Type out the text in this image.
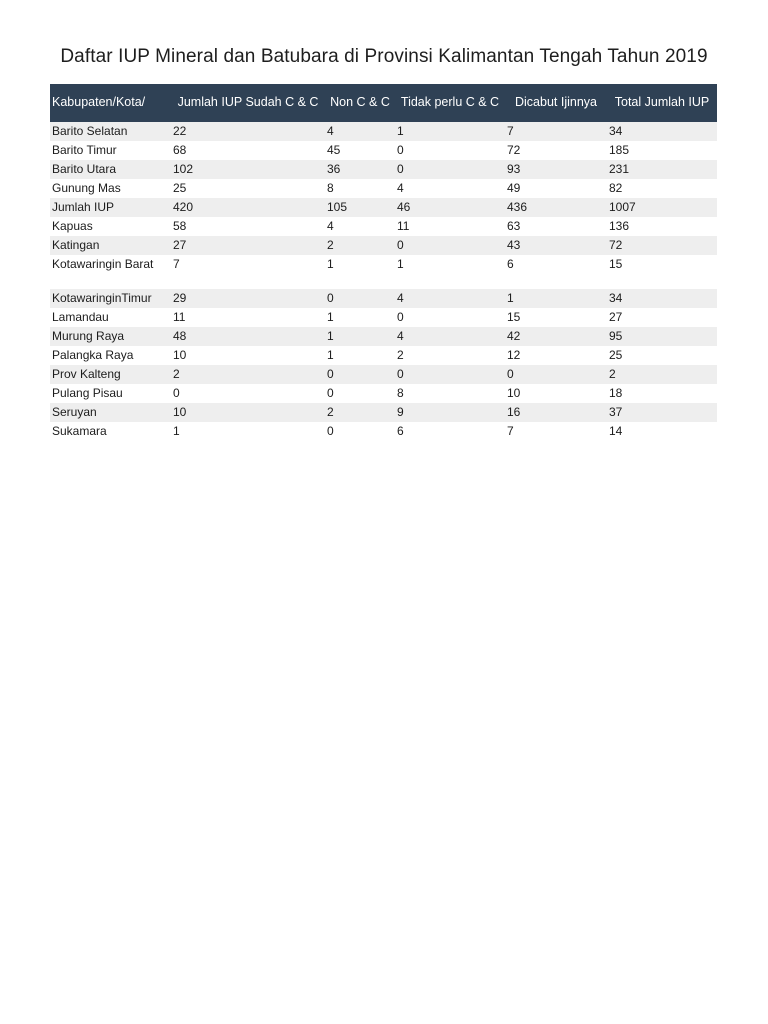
Daftar IUP Mineral dan Batubara di Provinsi Kalimantan Tengah Tahun 2019
Kabupaten/Kota/	Jumlah IUP Sudah C & C	Non C & C	Tidak perlu C & C	Dicabut Ijinnya	Total Jumlah IUP
Barito Selatan	22	4	1	7	34
Barito Timur	68	45	0	72	185
Barito Utara	102	36	0	93	231
Gunung Mas	25	8	4	49	82
Jumlah IUP	420	105	46	436	1007
Kapuas	58	4	11	63	136
Katingan	27	2	0	43	72
Kotawaringin Barat	7	1	1	6	15
KotawaringinTimur	29	0	4	1	34
Lamandau	11	1	0	15	27
Murung Raya	48	1	4	42	95
Palangka Raya	10	1	2	12	25
Prov Kalteng	2	0	0	0	2
Pulang Pisau	0	0	8	10	18
Seruyan	10	2	9	16	37
Sukamara	1	0	6	7	14
